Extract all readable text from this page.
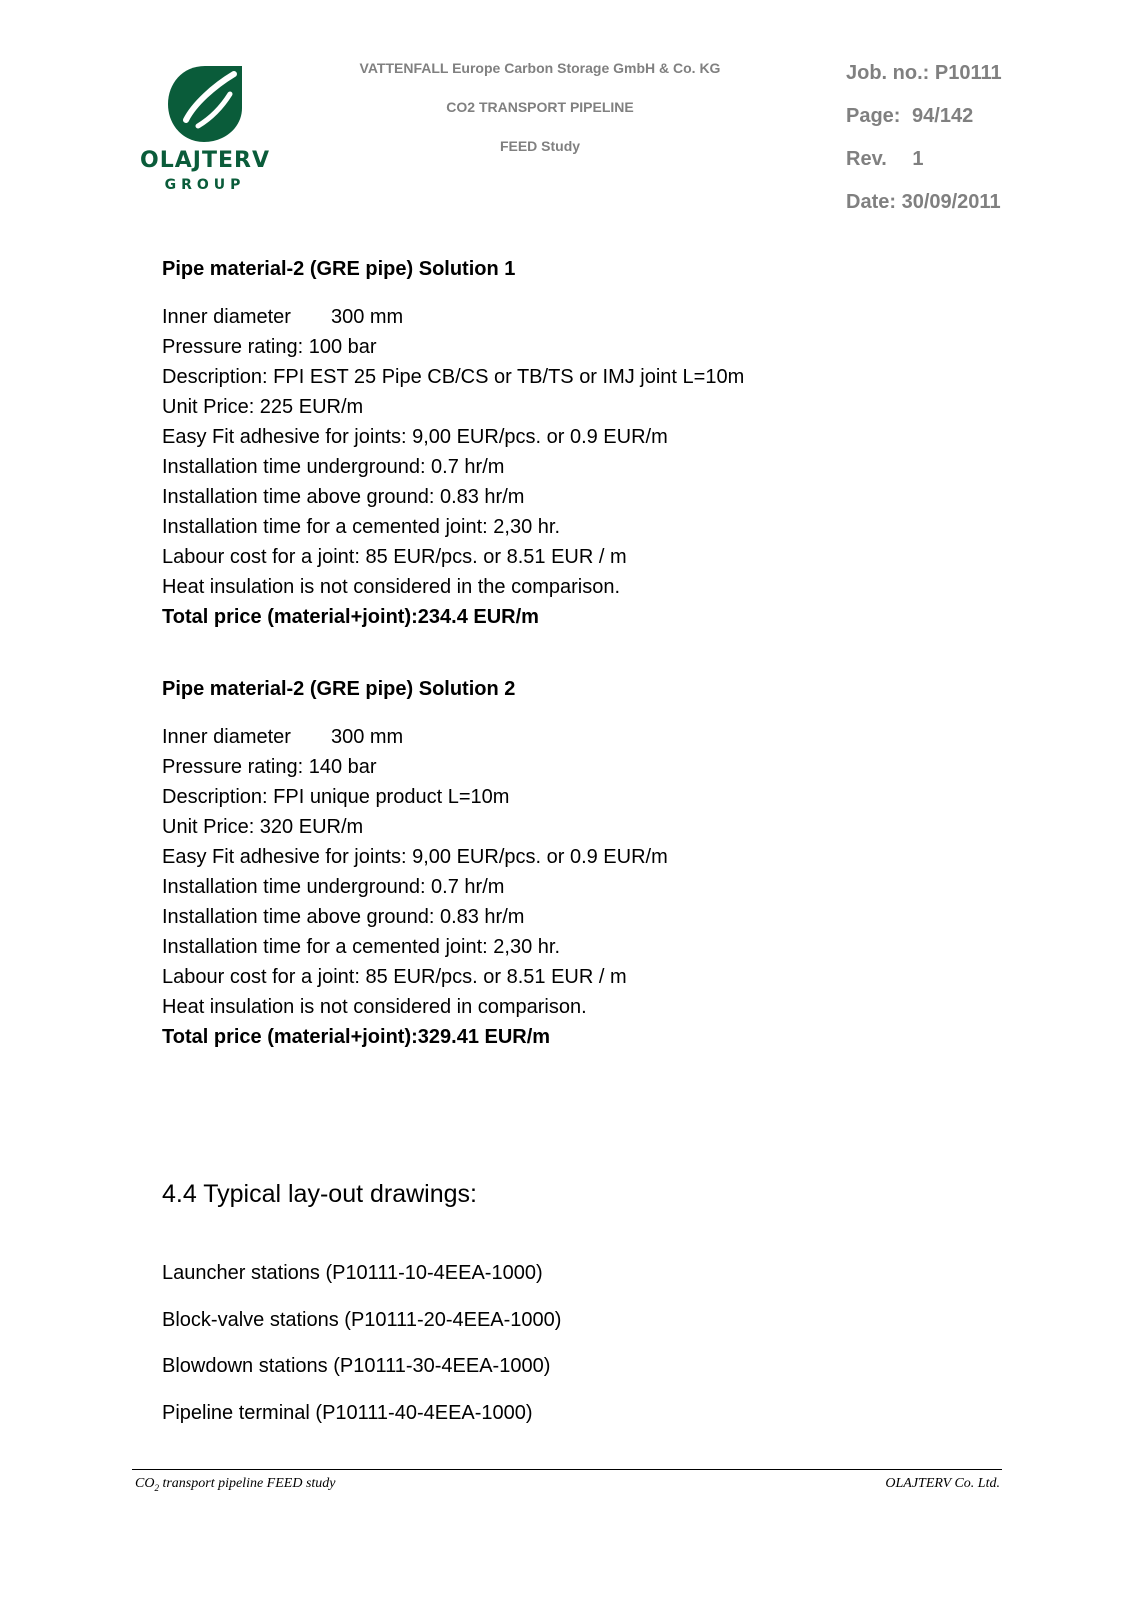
OLAJTERV
GROUP
VATTENFALL Europe Carbon Storage GmbH & Co. KG
CO2 TRANSPORT PIPELINE
FEED Study
Job. no.: P10111
Page: 94/142
Rev. 1
Date: 30/09/2011
Pipe material-2 (GRE pipe) Solution 1
Inner diameter 300 mm
Pressure rating: 100 bar
Description: FPI EST 25 Pipe CB/CS or TB/TS or IMJ joint L=10m
Unit Price: 225 EUR/m
Easy Fit adhesive for joints: 9,00 EUR/pcs. or 0.9 EUR/m
Installation time underground: 0.7 hr/m
Installation time above ground: 0.83 hr/m
Installation time for a cemented joint: 2,30 hr.
Labour cost for a joint: 85 EUR/pcs. or 8.51 EUR / m
Heat insulation is not considered in the comparison.
Total price (material+joint):234.4 EUR/m
Pipe material-2 (GRE pipe) Solution 2
Inner diameter 300 mm
Pressure rating: 140 bar
Description: FPI unique product L=10m
Unit Price: 320 EUR/m
Easy Fit adhesive for joints: 9,00 EUR/pcs. or 0.9 EUR/m
Installation time underground: 0.7 hr/m
Installation time above ground: 0.83 hr/m
Installation time for a cemented joint: 2,30 hr.
Labour cost for a joint: 85 EUR/pcs. or 8.51 EUR / m
Heat insulation is not considered in comparison.
Total price (material+joint):329.41 EUR/m
4.4 Typical lay-out drawings:
Launcher stations (P10111-10-4EEA-1000)
Block-valve stations (P10111-20-4EEA-1000)
Blowdown stations (P10111-30-4EEA-1000)
Pipeline terminal (P10111-40-4EEA-1000)
$CO_2$ transport pipeline FEED study	OLAJTERV Co. Ltd.
